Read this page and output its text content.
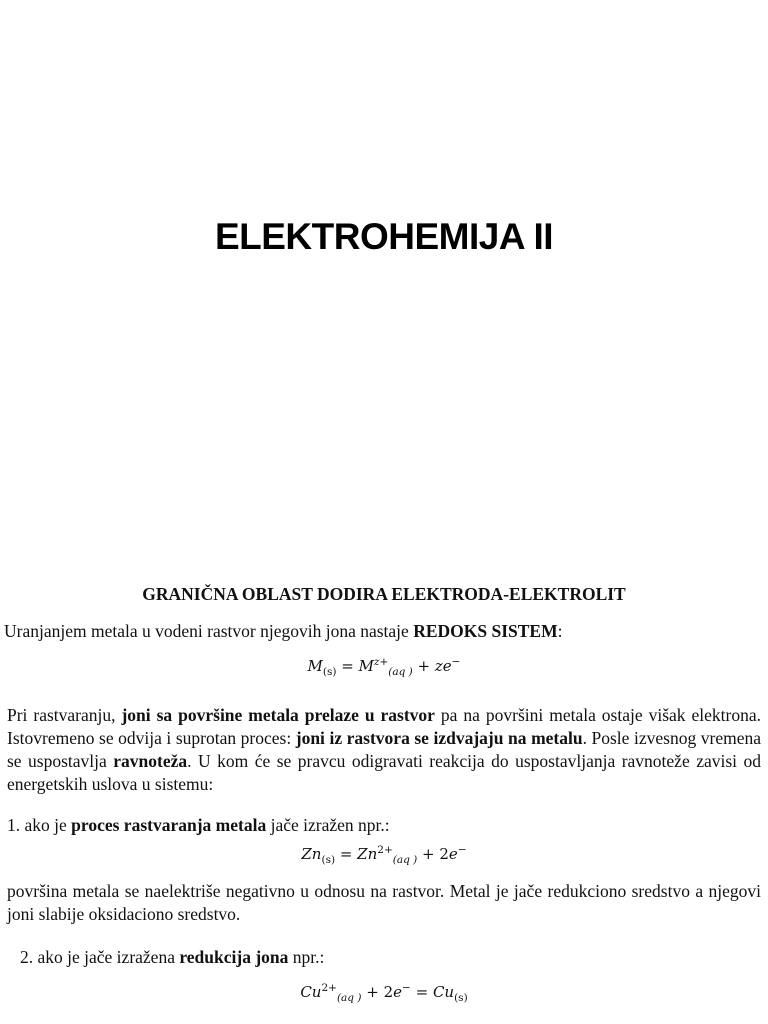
ELEKTROHEMIJA II
GRANIČNA OBLAST DODIRA ELEKTRODA-ELEKTROLIT

Uranjanjem metala u vodeni rastvor njegovih jona nastaje REDOKS SISTEM:

$M_{(s)} = M^{z+}_{(aq )} + ze^-$

Pri rastvaranju, joni sa površine metala prelaze u rastvor pa na površini metala ostaje višak elektrona. Istovremeno se odvija i suprotan proces: joni iz rastvora se izdvajaju na metalu. Posle izvesnog vremena se uspostavlja ravnoteža. U kom će se pravcu odigravati reakcija do uspostavljanja ravnoteže zavisi od energetskih uslova u sistemu:

1. ako je proces rastvaranja metala jače izražen npr.:

$Zn_{(s)} = Zn^{2+}_{(aq )} + 2e^-$

površina metala se naelektriše negativno u odnosu na rastvor. Metal je jače redukciono sredstvo a njegovi joni slabije oksidaciono sredstvo.

2. ako je jače izražena redukcija jona npr.:

$Cu^{2+}_{(aq )} + 2e^- = Cu_{(s)}$
